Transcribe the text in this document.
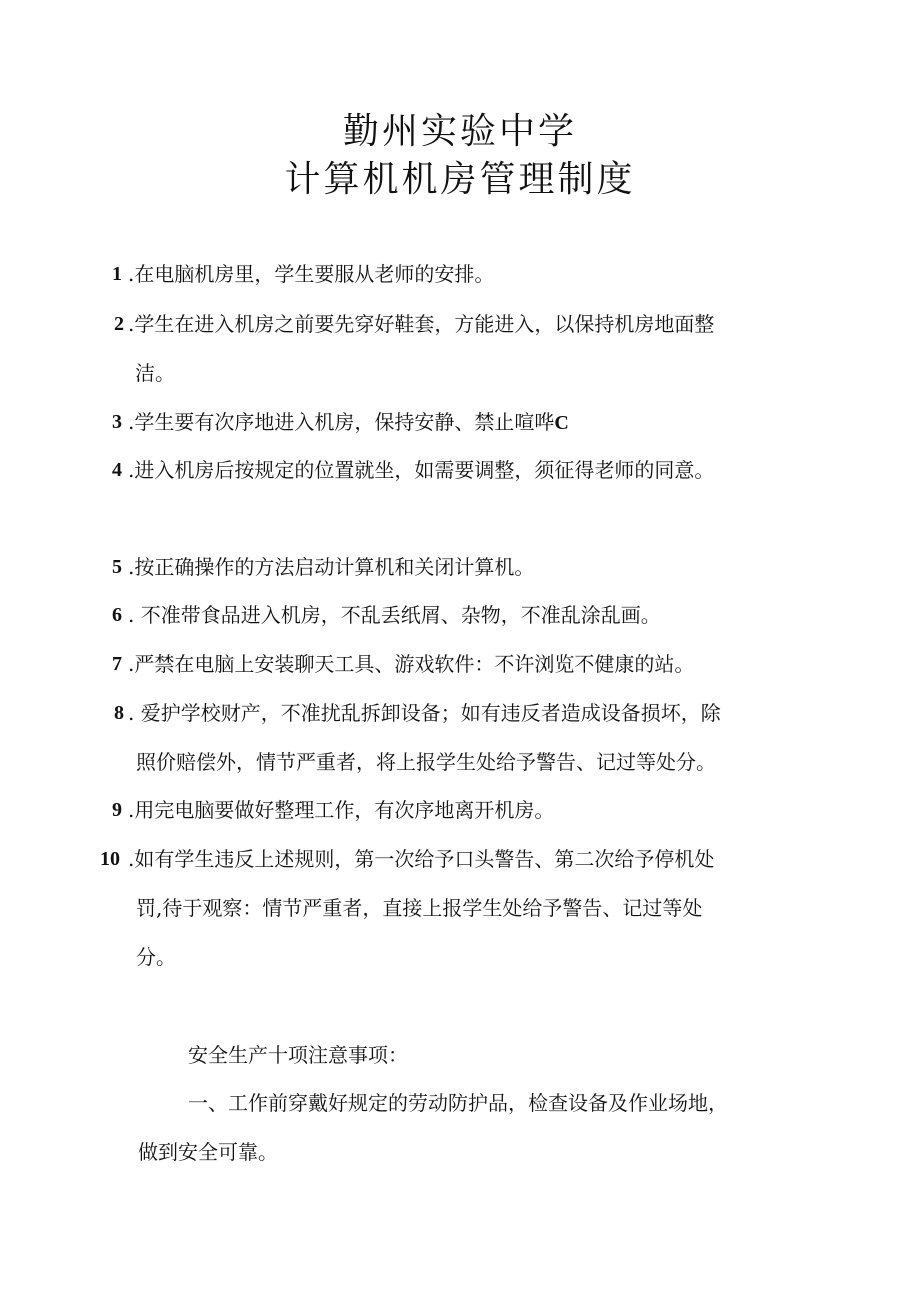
勤州实验中学
计算机机房管理制度
1 .在电脑机房里，学生要服从老师的安排。
2 .学生在进入机房之前要先穿好鞋套，方能进入，以保持机房地面整
洁。
3 .学生要有次序地进入机房，保持安静、禁止喧哗C
4 .进入机房后按规定的位置就坐，如需要调整，须征得老师的同意。
5 .按正确操作的方法启动计算机和关闭计算机。
6 . 不准带食品进入机房，不乱丢纸屑、杂物，不准乱涂乱画。
7 .严禁在电脑上安装聊天工具、游戏软件：不许浏览不健康的站。
8 . 爱护学校财产，不准扰乱拆卸设备；如有违反者造成设备损坏，除
照价赔偿外，情节严重者，将上报学生处给予警告、记过等处分。
9 .用完电脑要做好整理工作，有次序地离开机房。
10 .如有学生违反上述规则，第一次给予口头警告、第二次给予停机处
罚,待于观察：情节严重者，直接上报学生处给予警告、记过等处
分。
安全生产十项注意事项：
一、工作前穿戴好规定的劳动防护品，检查设备及作业场地，
做到安全可靠。
